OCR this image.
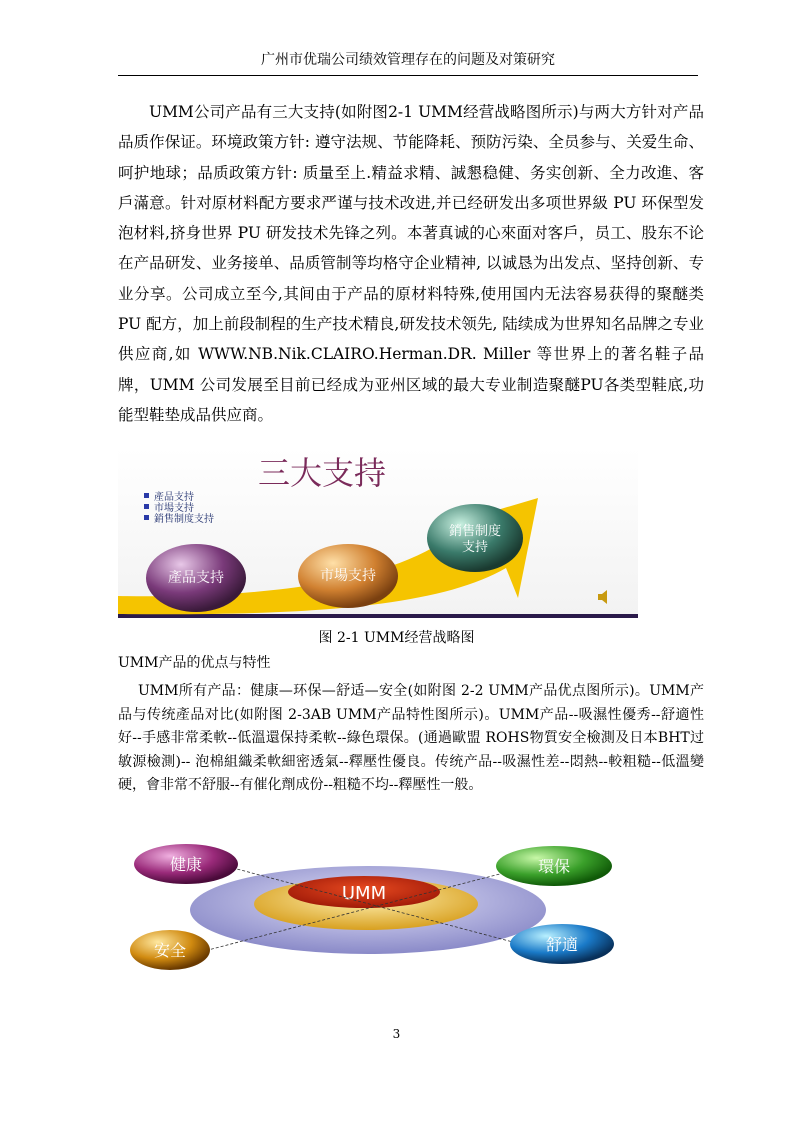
广州市优瑞公司绩效管理存在的问题及对策研究

UMM公司产品有三大支持(如附图2-1 UMM经营战略图所示)与两大方针对产品品质作保证。环境政策方针: 遵守法规、节能降耗、预防污染、全员参与、关爱生命、呵护地球；品质政策方针: 质量至上.精益求精、誠懇稳健、务实创新、全力改進、客戶滿意。针对原材料配方要求严谨与技术改进,并已经研发出多项世界級 PU 环保型发泡材料,挤身世界 PU 研发技术先锋之列。本著真诚的心來面对客戶，员工、股东不论在产品研发、业务接单、品质管制等均格守企业精神, 以诚恳为出发点、坚持创新、专业分享。公司成立至今,其间由于产品的原材料特殊,使用国内无法容易获得的聚醚类 PU 配方，加上前段制程的生产技术精良,研发技术领先, 陆续成为世界知名品牌之专业供应商,如 WWW.NB.Nik.CLAIRO.Herman.DR. Miller 等世界上的著名鞋子品牌，UMM 公司发展至目前已经成为亚州区域的最大专业制造聚醚PU各类型鞋底,功能型鞋垫成品供应商。

三大支持
產品支持
市場支持
銷售制度支持
產品支持	市場支持
銷售制度
支持
图 2-1 UMM经营战略图
UMM产品的优点与特性

UMM所有产品：健康—环保—舒适—安全(如附图 2-2 UMM产品优点图所示)。UMM产品与传统產品对比(如附图 2-3AB UMM产品特性图所示)。UMM产品--吸濕性優秀--舒適性好--手感非常柔軟--低溫還保持柔軟--綠色環保。(通過歐盟 ROHS物質安全檢測及日本BHT过敏源檢測)-- 泡棉組織柔軟細密透氣--釋壓性優良。传统产品--吸濕性差--悶熱--較粗糙--低溫變硬，會非常不舒服--有催化劑成份--粗糙不均--釋壓性一般。

UMM
健康	環保
安全	舒適
3
